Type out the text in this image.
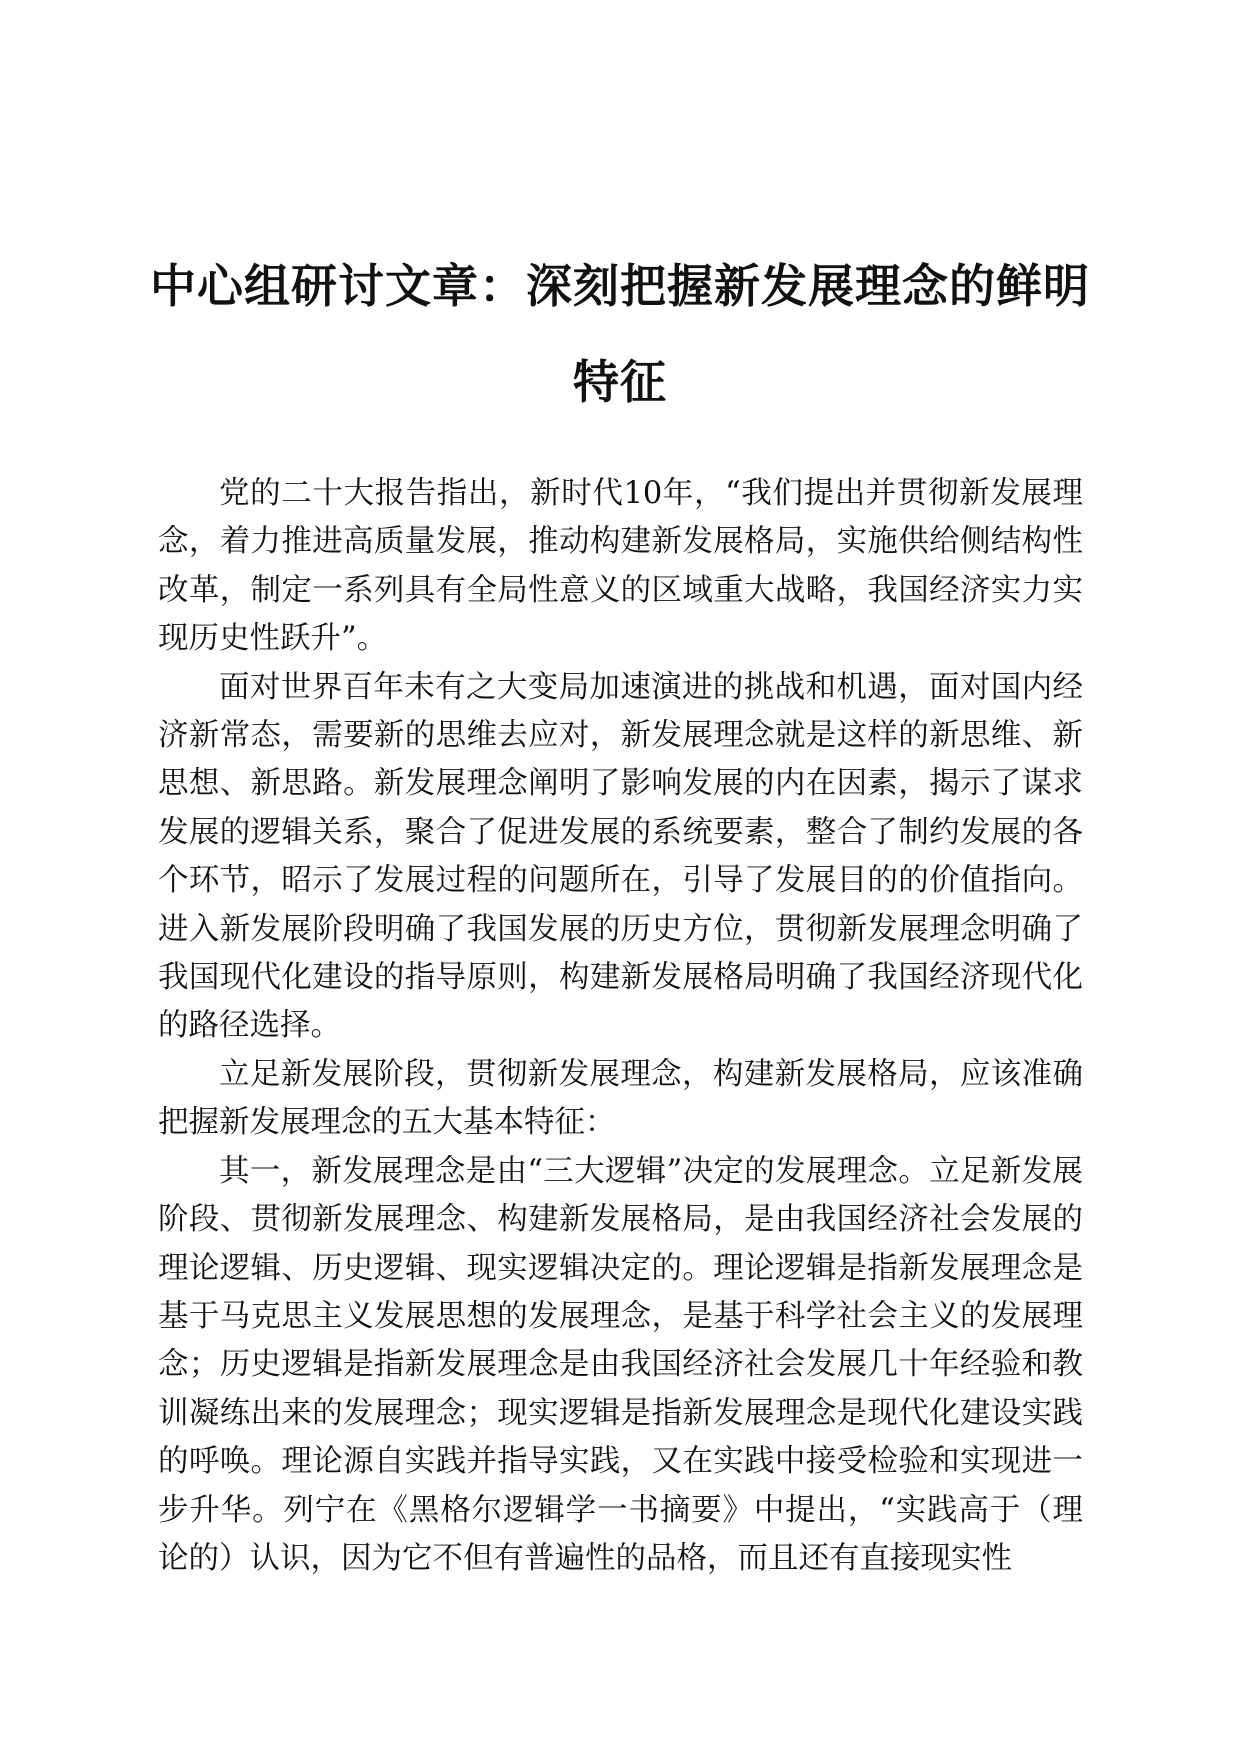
中心组研讨文章：深刻把握新发展理念的鲜明
特征

党的二十大报告指出，新时代10年，“我们提出并贯彻新发展理念，着力推进高质量发展，推动构建新发展格局，实施供给侧结构性改革，制定一系列具有全局性意义的区域重大战略，我国经济实力实现历史性跃升”。

面对世界百年未有之大变局加速演进的挑战和机遇，面对国内经济新常态，需要新的思维去应对，新发展理念就是这样的新思维、新思想、新思路。新发展理念阐明了影响发展的内在因素，揭示了谋求发展的逻辑关系，聚合了促进发展的系统要素，整合了制约发展的各个环节，昭示了发展过程的问题所在，引导了发展目的的价值指向。进入新发展阶段明确了我国发展的历史方位，贯彻新发展理念明确了我国现代化建设的指导原则，构建新发展格局明确了我国经济现代化的路径选择。

立足新发展阶段，贯彻新发展理念，构建新发展格局，应该准确把握新发展理念的五大基本特征：

其一，新发展理念是由“三大逻辑”决定的发展理念。立足新发展阶段、贯彻新发展理念、构建新发展格局，是由我国经济社会发展的理论逻辑、历史逻辑、现实逻辑决定的。理论逻辑是指新发展理念是基于马克思主义发展思想的发展理念，是基于科学社会主义的发展理念；历史逻辑是指新发展理念是由我国经济社会发展几十年经验和教训凝练出来的发展理念；现实逻辑是指新发展理念是现代化建设实践的呼唤。理论源自实践并指导实践，又在实践中接受检验和实现进一步升华。列宁在《黑格尔逻辑学一书摘要》中提出，“实践高于（理论的）认识，因为它不但有普遍性的品格，而且还有直接现实性
